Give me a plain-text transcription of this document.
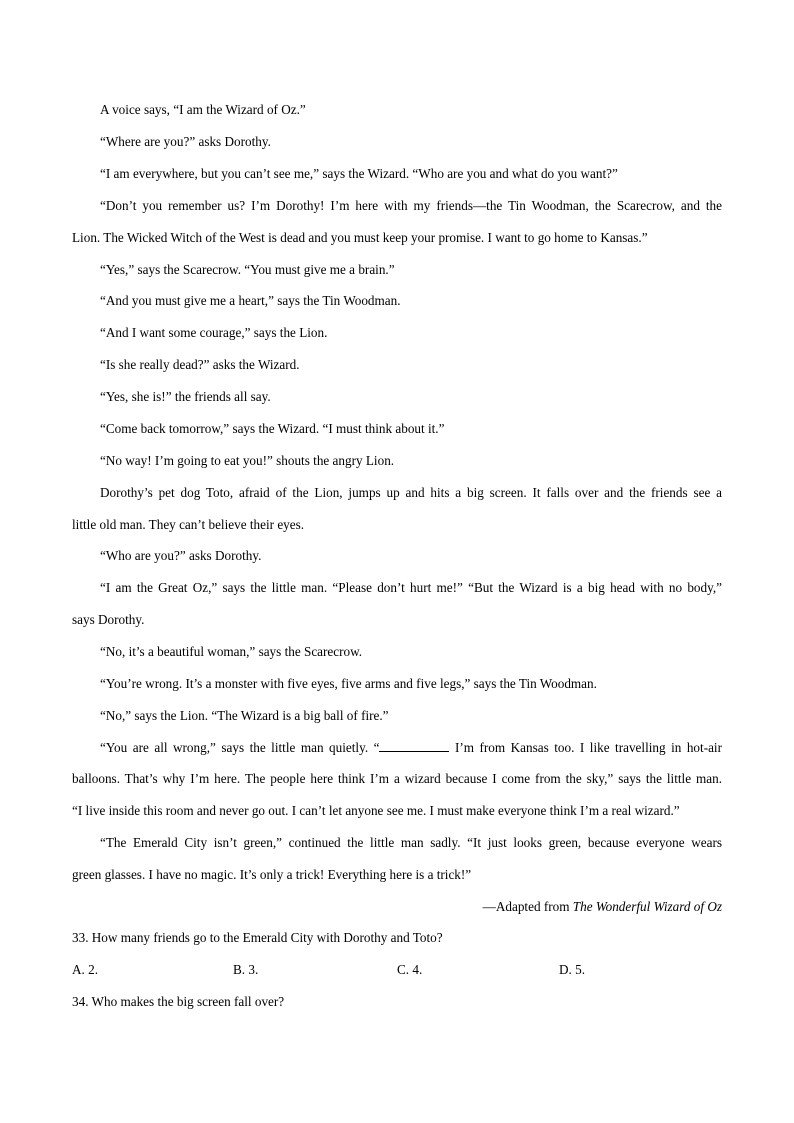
A voice says, “I am the Wizard of Oz.”
“Where are you?” asks Dorothy.
“I am everywhere, but you can’t see me,” says the Wizard. “Who are you and what do you want?”
“Don’t you remember us? I’m Dorothy! I’m here with my friends—the Tin Woodman, the Scarecrow, and the
Lion. The Wicked Witch of the West is dead and you must keep your promise. I want to go home to Kansas.”
“Yes,” says the Scarecrow. “You must give me a brain.”
“And you must give me a heart,” says the Tin Woodman.
“And I want some courage,” says the Lion.
“Is she really dead?” asks the Wizard.
“Yes, she is!” the friends all say.
“Come back tomorrow,” says the Wizard. “I must think about it.”
“No way! I’m going to eat you!” shouts the angry Lion.
Dorothy’s pet dog Toto, afraid of the Lion, jumps up and hits a big screen. It falls over and the friends see a
little old man. They can’t believe their eyes.
“Who are you?” asks Dorothy.
“I am the Great Oz,” says the little man. “Please don’t hurt me!” “But the Wizard is a big head with no body,”
says Dorothy.
“No, it’s a beautiful woman,” says the Scarecrow.
“You’re wrong. It’s a monster with five eyes, five arms and five legs,” says the Tin Woodman.
“No,” says the Lion. “The Wizard is a big ball of fire.”
“You are all wrong,” says the little man quietly. “	I’m from Kansas too. I like travelling in hot-air
balloons. That’s why I’m here. The people here think I’m a wizard because I come from the sky,” says the little man.
“I live inside this room and never go out. I can’t let anyone see me. I must make everyone think I’m a real wizard.”
“The Emerald City isn’t green,” continued the little man sadly. “It just looks green, because everyone wears
green glasses. I have no magic. It’s only a trick! Everything here is a trick!”
—Adapted from The Wonderful Wizard of Oz
33. How many friends go to the Emerald City with Dorothy and Toto?
A. 2.	B. 3.	C. 4.	D. 5.
34. Who makes the big screen fall over?
